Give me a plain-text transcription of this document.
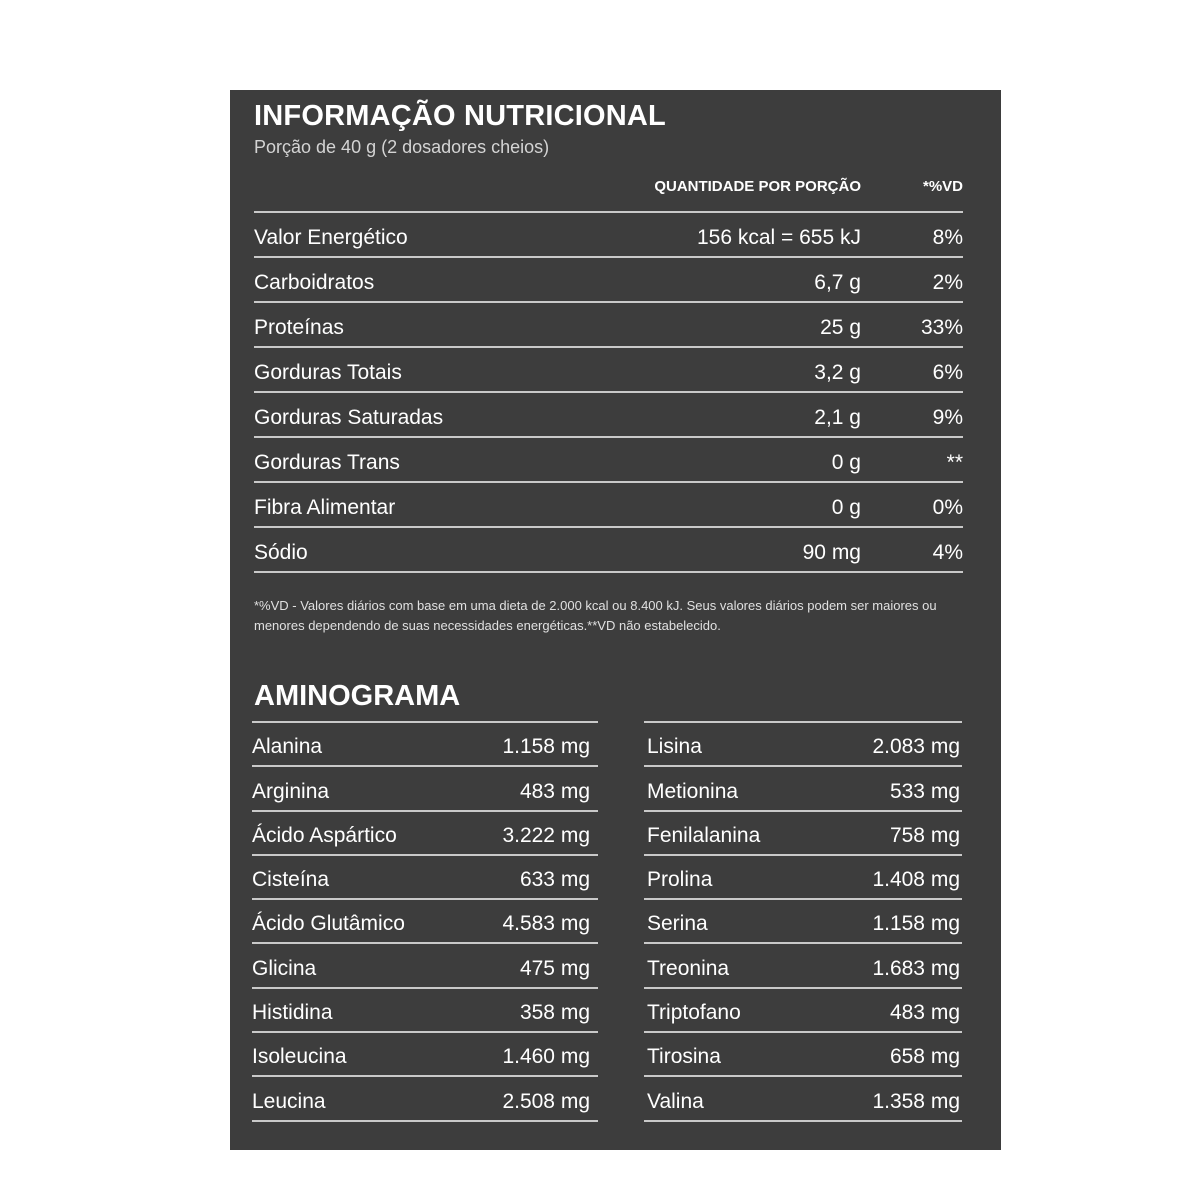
INFORMAÇÃO NUTRICIONAL
Porção de 40 g (2 dosadores cheios)
QUANTIDADE POR PORÇÃO	*%VD
Valor Energético	156 kcal = 655 kJ	8%
Carboidratos	6,7 g	2%
Proteínas	25 g	33%
Gorduras Totais	3,2 g	6%
Gorduras Saturadas	2,1 g	9%
Gorduras Trans	0 g	**
Fibra Alimentar	0 g	0%
Sódio	90 mg	4%
*%VD - Valores diários com base em uma dieta de 2.000 kcal ou 8.400 kJ. Seus valores diários podem ser maiores ou menores dependendo de suas necessidades energéticas.**VD não estabelecido.
AMINOGRAMA
Alanina	1.158 mg
Arginina	483 mg
Ácido Aspártico	3.222 mg
Cisteína	633 mg
Ácido Glutâmico	4.583 mg
Glicina	475 mg
Histidina	358 mg
Isoleucina	1.460 mg
Leucina	2.508 mg
Lisina	2.083 mg
Metionina	533 mg
Fenilalanina	758 mg
Prolina	1.408 mg
Serina	1.158 mg
Treonina	1.683 mg
Triptofano	483 mg
Tirosina	658 mg
Valina	1.358 mg
